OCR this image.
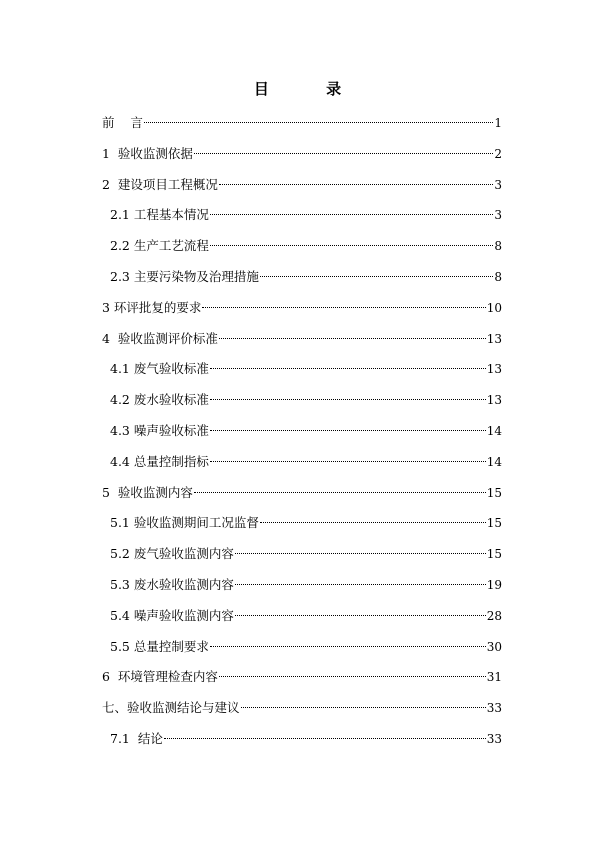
目 录
前    言	1
1  验收监测依据	2
2  建设项目工程概况	3
2.1 工程基本情况	3
2.2 生产工艺流程	8
2.3 主要污染物及治理措施	8
3 环评批复的要求	10
4  验收监测评价标准	13
4.1 废气验收标准	13
4.2 废水验收标准	13
4.3 噪声验收标准	14
4.4 总量控制指标	14
5  验收监测内容	15
5.1 验收监测期间工况监督	15
5.2 废气验收监测内容	15
5.3 废水验收监测内容	19
5.4 噪声验收监测内容	28
5.5 总量控制要求	30
6  环境管理检查内容	31
七、验收监测结论与建议	33
7.1  结论	33
